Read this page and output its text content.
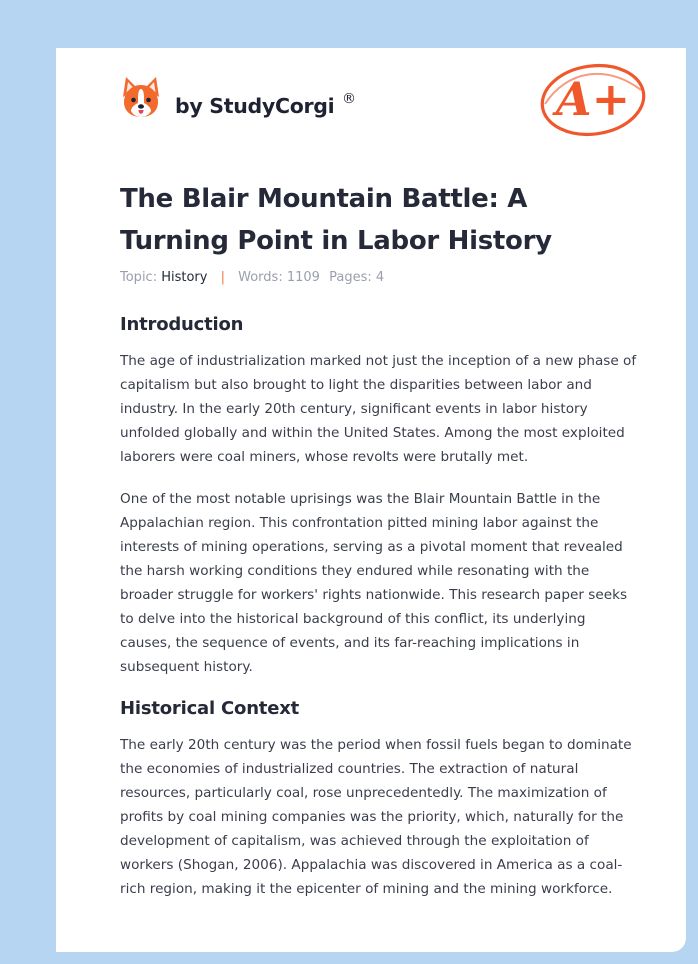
by StudyCorgi ®	A+
The Blair Mountain Battle: A Turning Point in Labor History
Topic: History | Words: 1109 Pages: 4
Introduction

The age of industrialization marked not just the inception of a new phase of capitalism but also brought to light the disparities between labor and industry. In the early 20th century, significant events in labor history unfolded globally and within the United States. Among the most exploited laborers were coal miners, whose revolts were brutally met.

One of the most notable uprisings was the Blair Mountain Battle in the Appalachian region. This confrontation pitted mining labor against the interests of mining operations, serving as a pivotal moment that revealed the harsh working conditions they endured while resonating with the broader struggle for workers' rights nationwide. This research paper seeks to delve into the historical background of this conflict, its underlying causes, the sequence of events, and its far-reaching implications in subsequent history.

Historical Context

The early 20th century was the period when fossil fuels began to dominate the economies of industrialized countries. The extraction of natural resources, particularly coal, rose unprecedentedly. The maximization of profits by coal mining companies was the priority, which, naturally for the development of capitalism, was achieved through the exploitation of workers (Shogan, 2006). Appalachia was discovered in America as a coal-rich region, making it the epicenter of mining and the mining workforce.
